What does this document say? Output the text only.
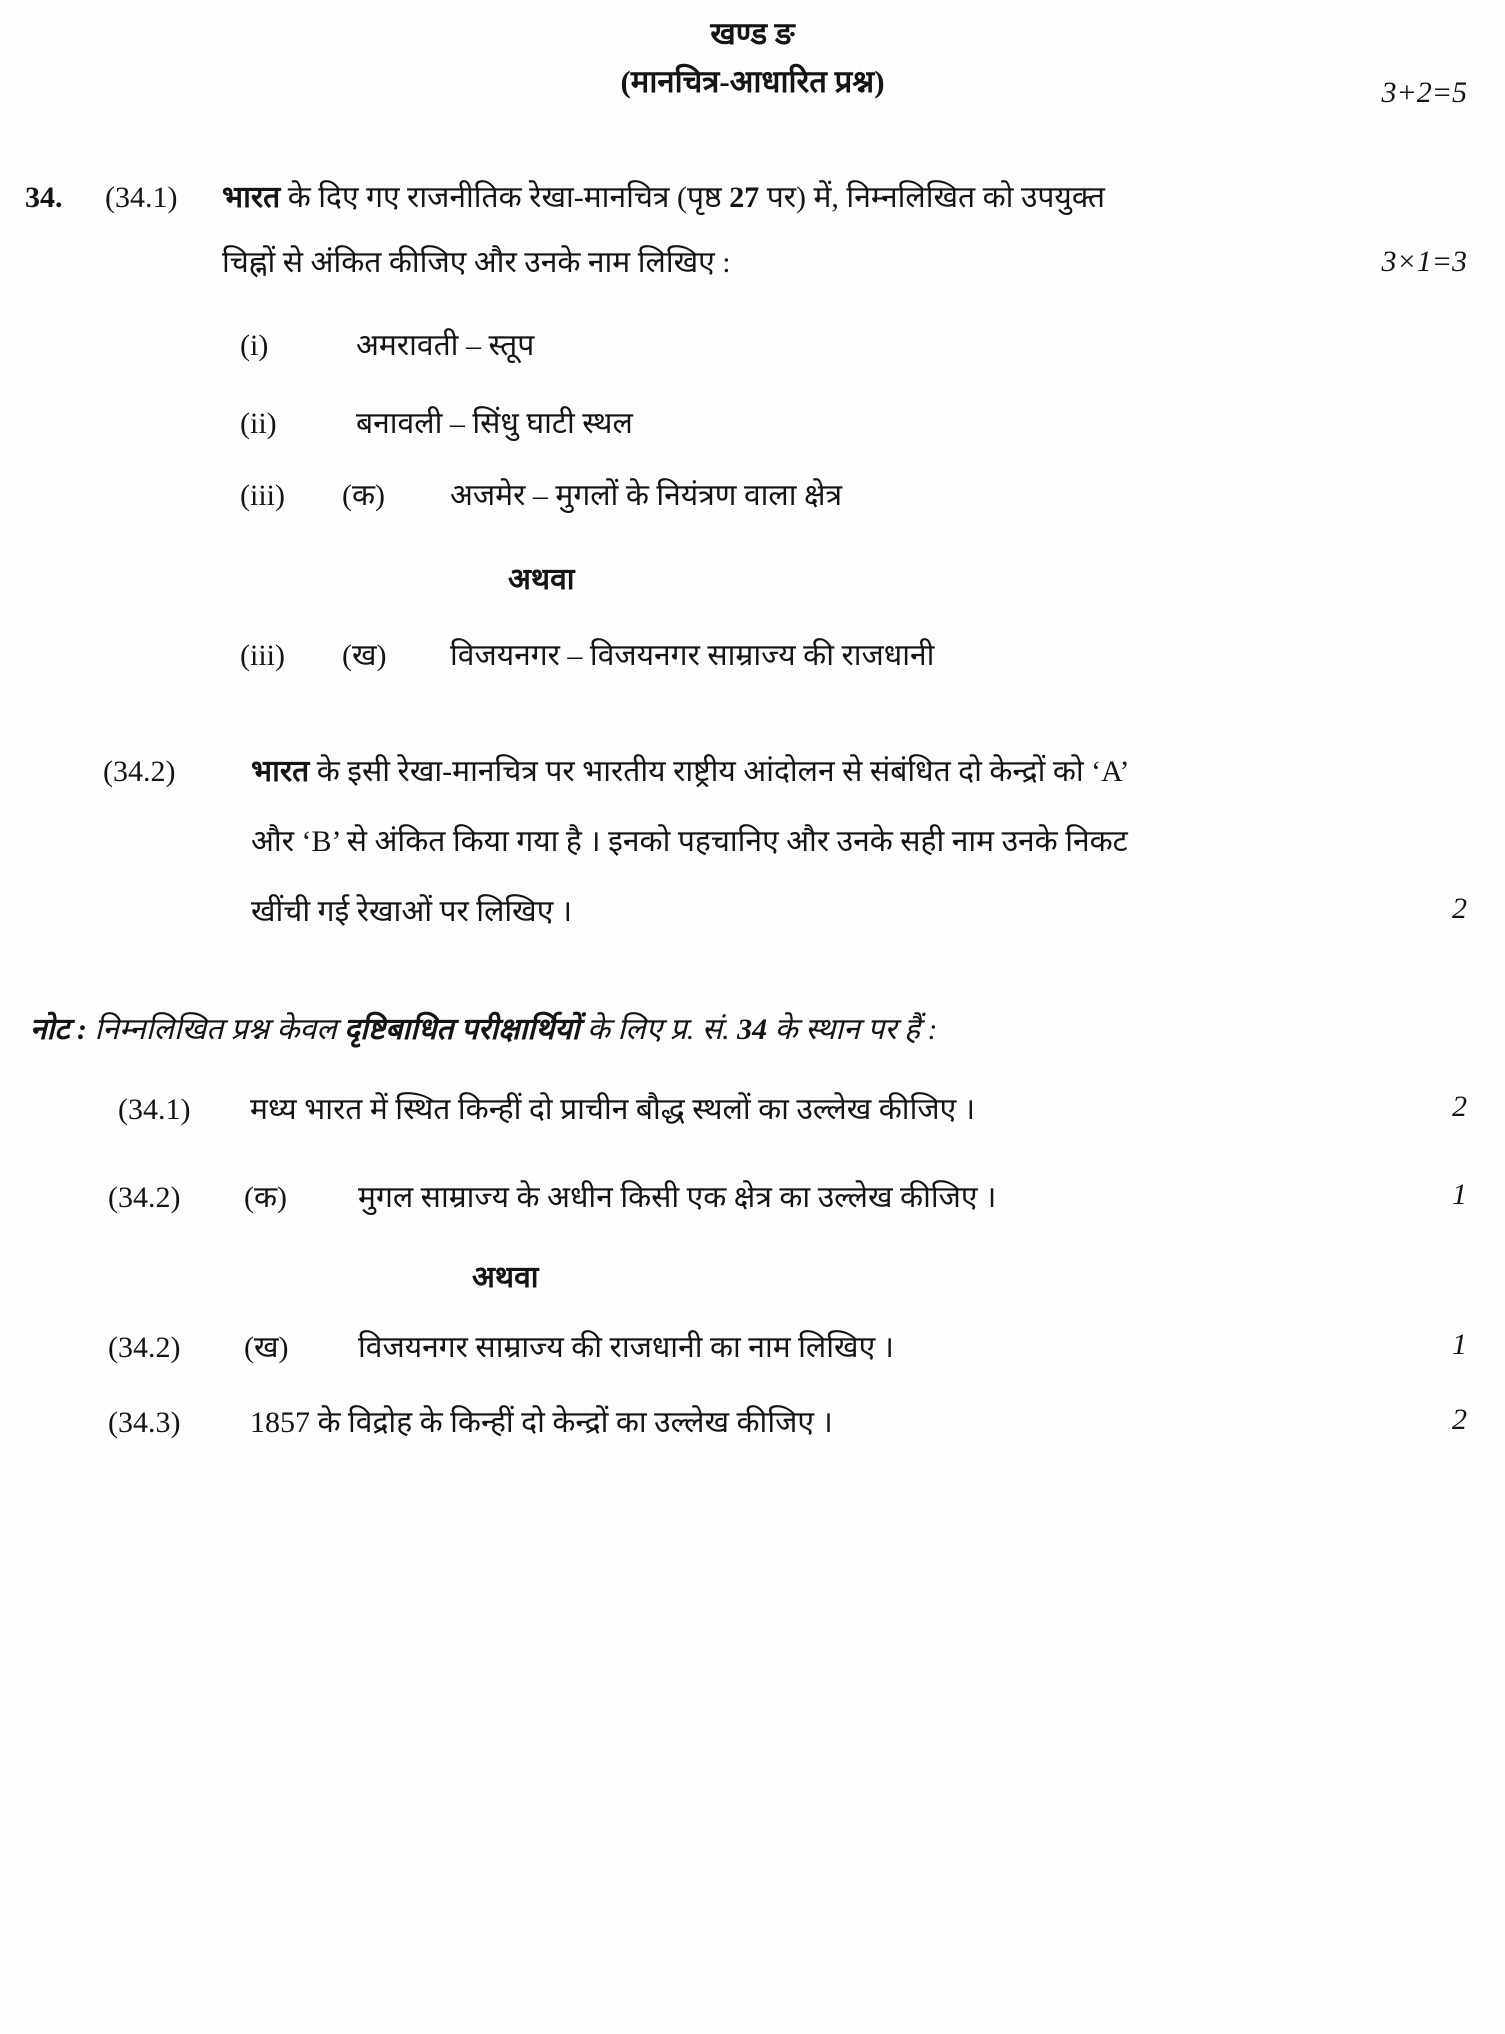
खण्ड ङ
(मानचित्र-आधारित प्रश्न)	3+2=5
34. (34.1) भारत के दिए गए राजनीतिक रेखा-मानचित्र (पृष्ठ 27 पर) में, निम्नलिखित को उपयुक्त
चिह्नों से अंकित कीजिए और उनके नाम लिखिए :	3×1=3
(i)	अमरावती – स्तूप
(ii)	बनावली – सिंधु घाटी स्थल
(iii) (क) अजमेर – मुगलों के नियंत्रण वाला क्षेत्र
अथवा
(iii) (ख) विजयनगर – विजयनगर साम्राज्य की राजधानी
(34.2)	भारत के इसी रेखा-मानचित्र पर भारतीय राष्ट्रीय आंदोलन से संबंधित दो केन्द्रों को ‘A’
और ‘B’ से अंकित किया गया है । इनको पहचानिए और उनके सही नाम उनके निकट
खींची गई रेखाओं पर लिखिए ।	2
नोट : निम्नलिखित प्रश्न केवल दृष्टिबाधित परीक्षार्थियों के लिए प्र. सं. 34 के स्थान पर हैं :
(34.1) मध्य भारत में स्थित किन्हीं दो प्राचीन बौद्ध स्थलों का उल्लेख कीजिए ।	2
(34.2) (क) मुगल साम्राज्य के अधीन किसी एक क्षेत्र का उल्लेख कीजिए ।	1
अथवा
(34.2) (ख) विजयनगर साम्राज्य की राजधानी का नाम लिखिए ।	1
(34.3) 1857 के विद्रोह के किन्हीं दो केन्द्रों का उल्लेख कीजिए ।	2
